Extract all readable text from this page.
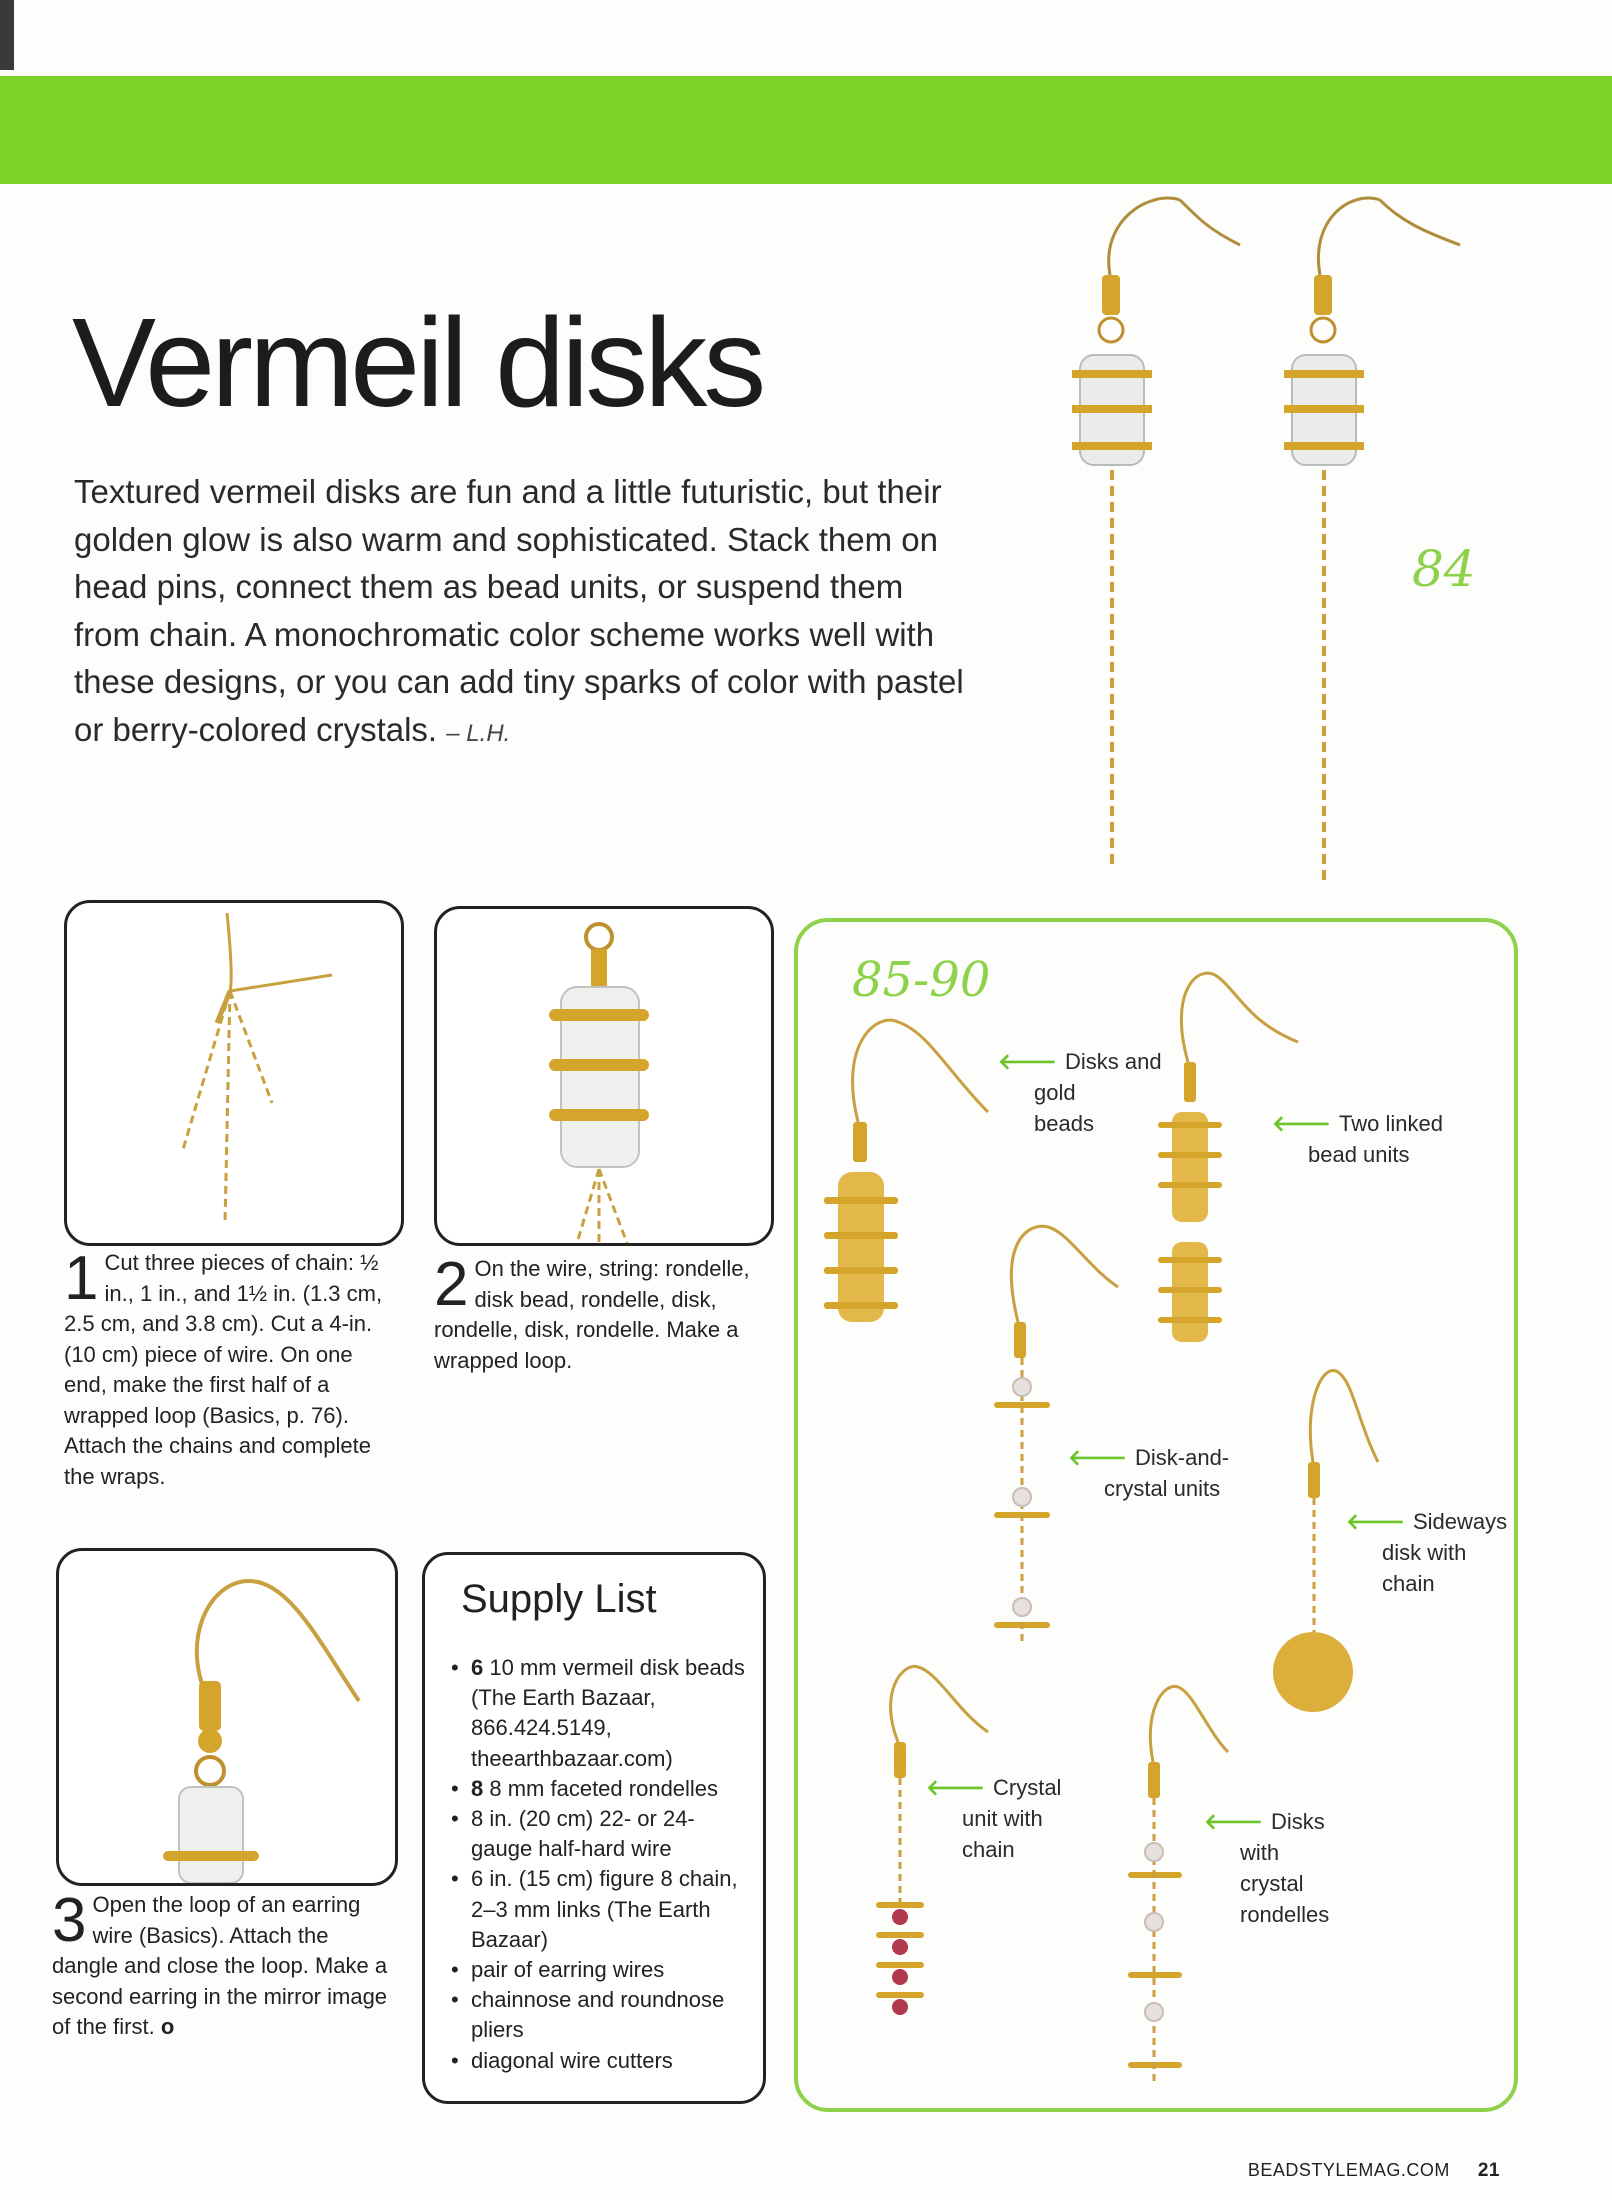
Vermeil disks

Textured vermeil disks are fun and a little futuristic, but their golden glow is also warm and sophisticated. Stack them on head pins, connect them as bead units, or suspend them from chain. A monochromatic color scheme works well with these designs, or you can add tiny sparks of color with pastel or berry-colored crystals. – L.H.

84
1 Cut three pieces of chain: ½ in., 1 in., and 1½ in. (1.3 cm, 2.5 cm, and 3.8 cm). Cut a 4-in. (10 cm) piece of wire. On one end, make the first half of a wrapped loop (Basics, p. 76). Attach the chains and complete the wraps.
2 On the wire, string: rondelle, disk bead, rondelle, disk, rondelle, disk, rondelle. Make a wrapped loop.
3 Open the loop of an earring wire (Basics). Attach the dangle and close the loop. Make a second earring in the mirror image of the first. o
Supply List
• 6 10 mm vermeil disk beads (The Earth Bazaar, 866.424.5149, theearthbazaar.com)
• 8 8 mm faceted rondelles
• 8 in. (20 cm) 22- or 24-gauge half-hard wire
• 6 in. (15 cm) figure 8 chain, 2–3 mm links (The Earth Bazaar)
• pair of earring wires
• chainnose and roundnose pliers
• diagonal wire cutters
85-90
🡐 Disks and
gold
beads	🡐 Two linked
bead units
🡐 Disk-and-
crystal units
🡐 Sideways
disk with
chain
🡐 Crystal
unit with
chain
🡐 Disks
with
crystal
rondelles
BEADSTYLEMAG.COM 21
